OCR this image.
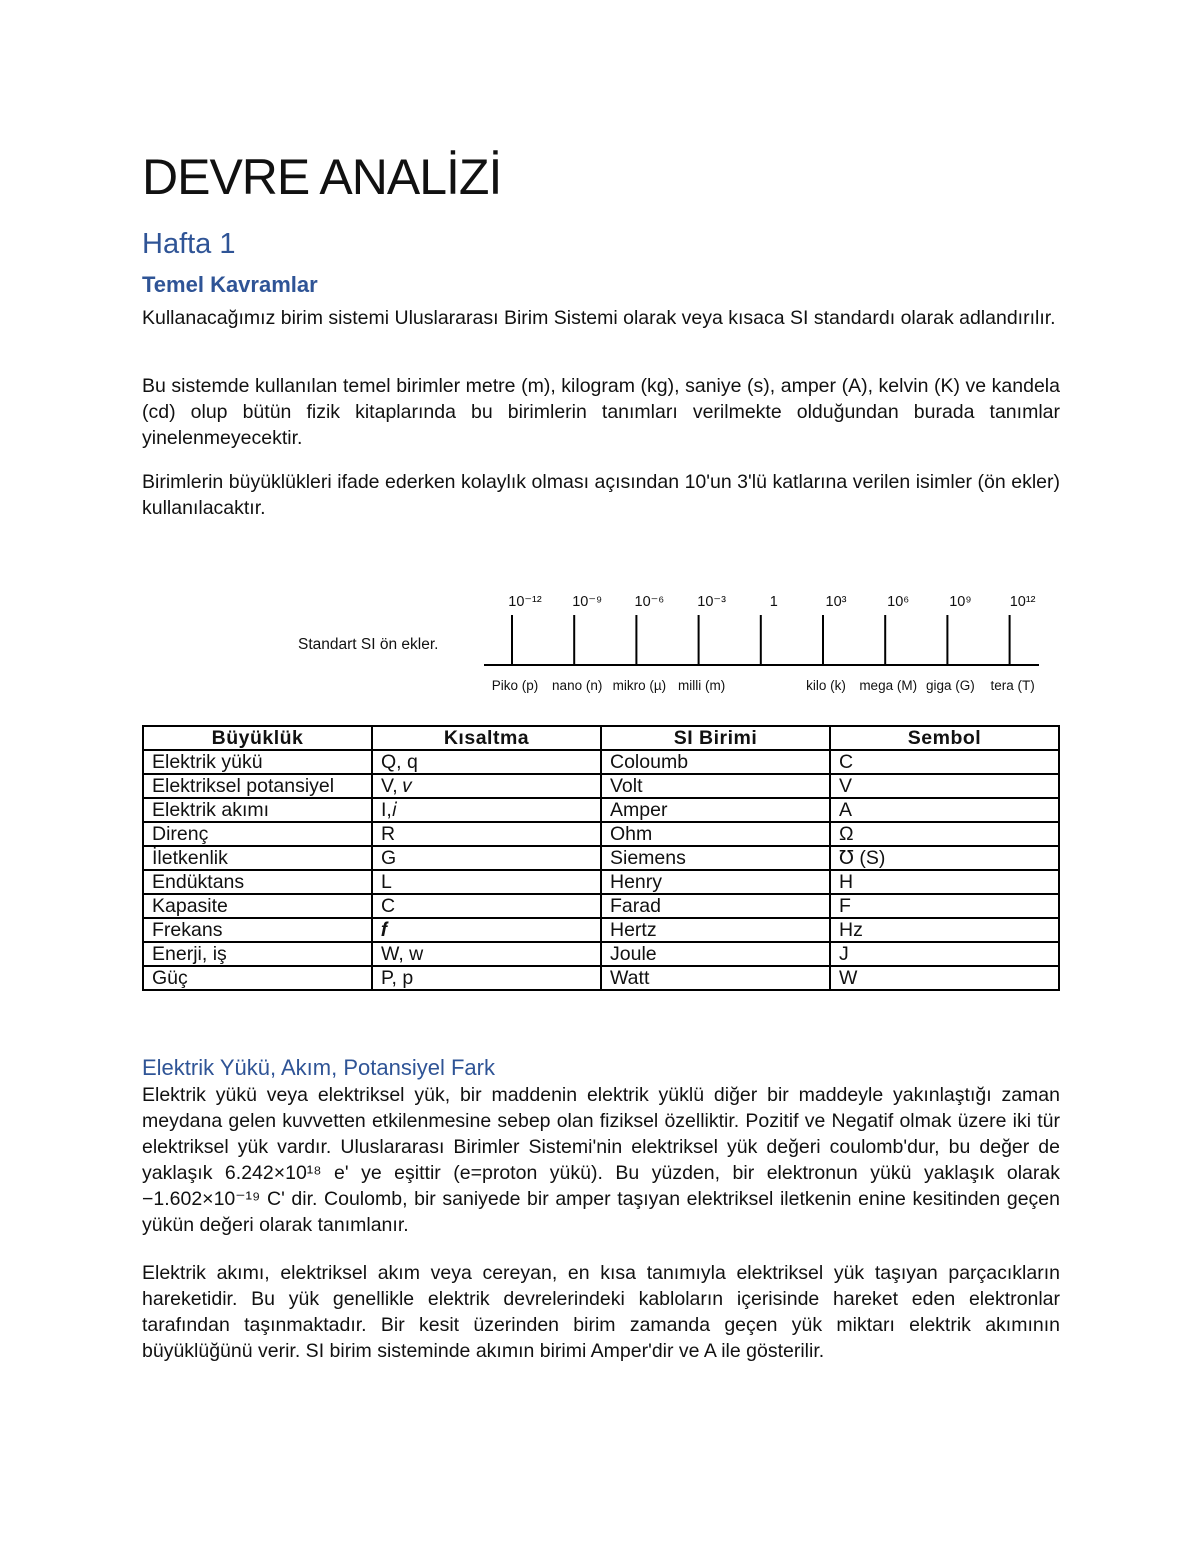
DEVRE ANALİZİ
Hafta 1
Temel Kavramlar

Kullanacağımız birim sistemi Uluslararası Birim Sistemi olarak veya kısaca SI standardı olarak adlandırılır.

Bu sistemde kullanılan temel birimler metre (m), kilogram (kg), saniye (s), amper (A), kelvin (K) ve kandela (cd) olup bütün fizik kitaplarında bu birimlerin tanımları verilmekte olduğundan burada tanımlar yinelenmeyecektir.

Birimlerin büyüklükleri ifade ederken kolaylık olması açısından 10'un 3'lü katlarına verilen isimler (ön ekler) kullanılacaktır.

Standart SI ön ekler.
10⁻¹²
Piko (p)
10⁻⁹
nano (n)
10⁻⁶
mikro (µ)
10⁻³
milli (m)
1	10³
kilo (k)
10⁶
mega (M)
10⁹
giga (G)
10¹²
tera (T)
Büyüklük	Kısaltma	SI Birimi	Sembol
Elektrik yükü	Q, q	Coloumb	C
Elektriksel potansiyel	V, 𝑣	Volt	V
Elektrik akımı	I,𝑖	Amper	A
Direnç	R	Ohm	Ω
İletkenlik	G	Siemens	℧ (S)
Endüktans	L	Henry	H
Kapasite	C	Farad	F
Frekans	𝒇	Hertz	Hz
Enerji, iş	W, w	Joule	J
Güç	P, p	Watt	W
Elektrik Yükü, Akım, Potansiyel Fark

Elektrik yükü veya elektriksel yük, bir maddenin elektrik yüklü diğer bir maddeyle yakınlaştığı zaman meydana gelen kuvvetten etkilenmesine sebep olan fiziksel özelliktir. Pozitif ve Negatif olmak üzere iki tür elektriksel yük vardır. Uluslararası Birimler Sistemi'nin elektriksel yük değeri coulomb'dur, bu değer de yaklaşık 6.242×10¹⁸ e' ye eşittir (e=proton yükü). Bu yüzden, bir elektronun yükü yaklaşık olarak −1.602×10⁻¹⁹ C' dir. Coulomb, bir saniyede bir amper taşıyan elektriksel iletkenin enine kesitinden geçen yükün değeri olarak tanımlanır.

Elektrik akımı, elektriksel akım veya cereyan, en kısa tanımıyla elektriksel yük taşıyan parçacıkların hareketidir. Bu yük genellikle elektrik devrelerindeki kabloların içerisinde hareket eden elektronlar tarafından taşınmaktadır. Bir kesit üzerinden birim zamanda geçen yük miktarı elektrik akımının büyüklüğünü verir. SI birim sisteminde akımın birimi Amper'dir ve A ile gösterilir.
